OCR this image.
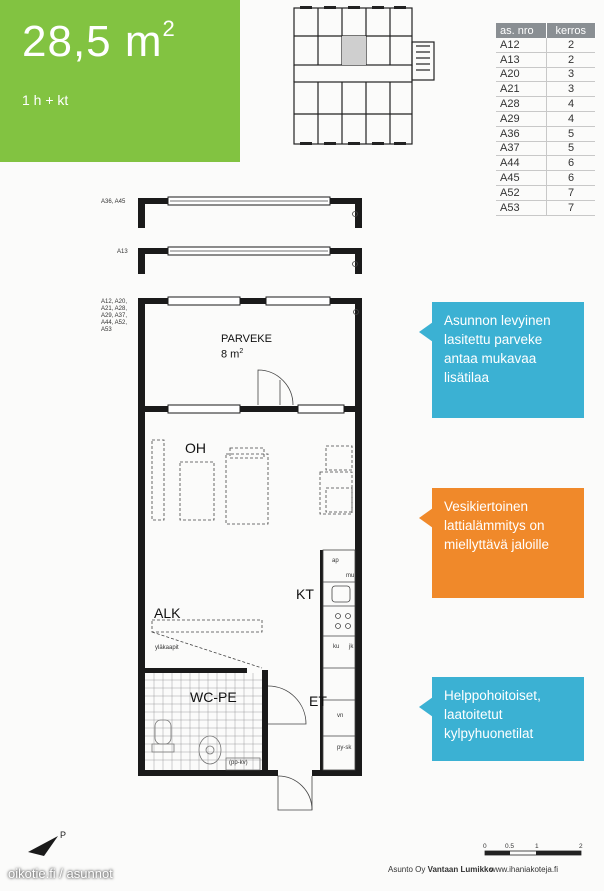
28,5 $m^2$
1 h + kt
as. nro	kerros
A12	2
A13	2
A20	3
A21	3
A28	4
A29	4
A36	5
A37	5
A44	6
A45	6
A52	7
A53	7
A36, A45
A13
A12, A20,
A21, A28,
A29, A37,
A44, A52,
A53
PARVEKE
8 $m^2$
OH
KT
ALK
WC-PE	ET
yläkaapit
ap
mu
ku jk
vn
py-sk
(pp-kv)
Asunnon levyinen lasitettu parveke antaa mukavaa lisätilaa
Vesikiertoinen lattialämmitys on miellyttävä jaloille
Helppohoitoiset, laatoitetut kylpyhuonetilat
P
0	0.5	1	2
Asunto Oy Vantaan Lumikko
www.ihaniakoteja.fi
oikotie.fi / asunnot
